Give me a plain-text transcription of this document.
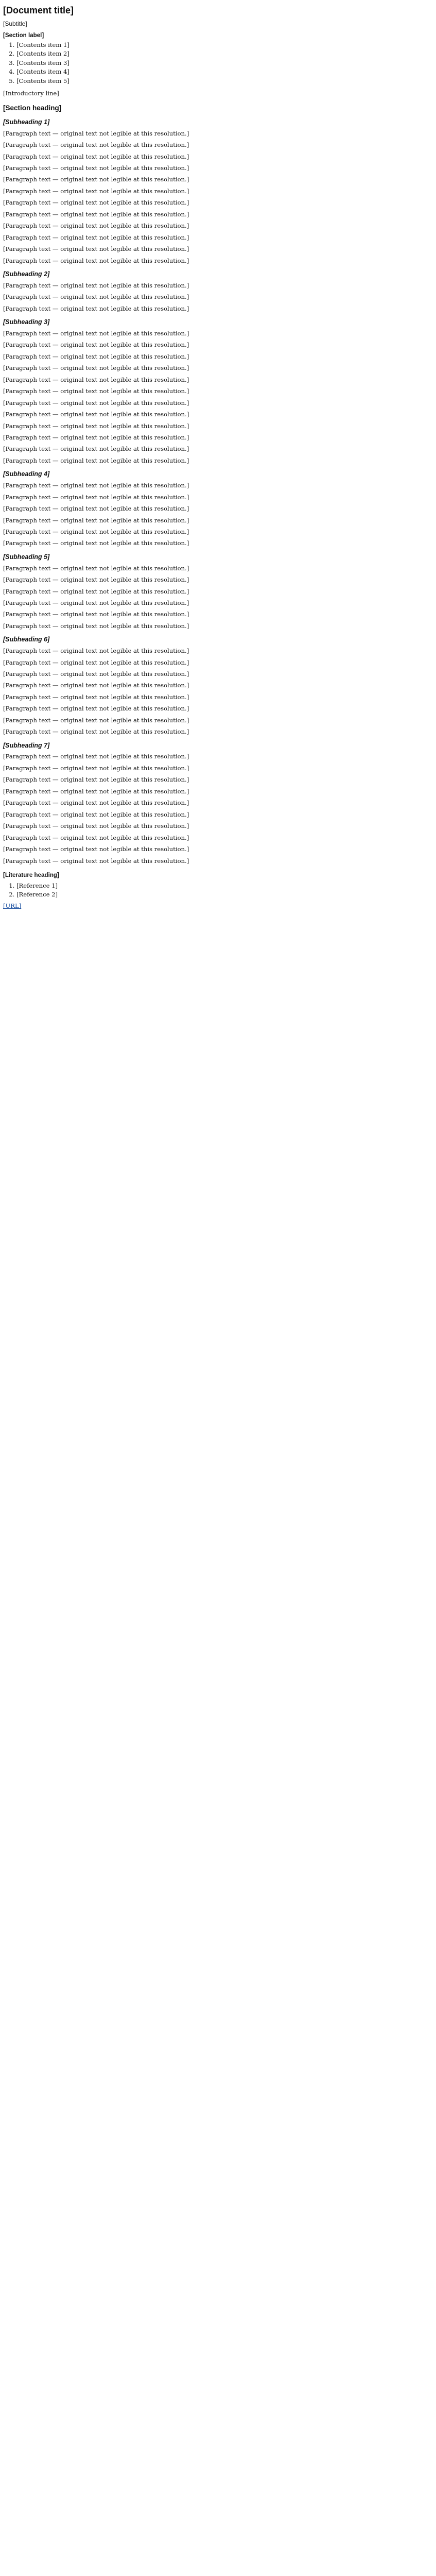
[Document title]
[Subtitle]
[Section label]
1. [Contents item 1]
2. [Contents item 2]
3. [Contents item 3]
4. [Contents item 4]
5. [Contents item 5]

[Introductory line]

[Section heading]
[Subheading 1]

[Paragraph text — original text not legible at this resolution.]

[Paragraph text — original text not legible at this resolution.]

[Paragraph text — original text not legible at this resolution.]

[Paragraph text — original text not legible at this resolution.]

[Paragraph text — original text not legible at this resolution.]

[Paragraph text — original text not legible at this resolution.]

[Paragraph text — original text not legible at this resolution.]

[Paragraph text — original text not legible at this resolution.]

[Paragraph text — original text not legible at this resolution.]

[Paragraph text — original text not legible at this resolution.]

[Paragraph text — original text not legible at this resolution.]

[Paragraph text — original text not legible at this resolution.]

[Subheading 2]

[Paragraph text — original text not legible at this resolution.]

[Paragraph text — original text not legible at this resolution.]

[Paragraph text — original text not legible at this resolution.]

[Subheading 3]

[Paragraph text — original text not legible at this resolution.]

[Paragraph text — original text not legible at this resolution.]

[Paragraph text — original text not legible at this resolution.]

[Paragraph text — original text not legible at this resolution.]

[Paragraph text — original text not legible at this resolution.]

[Paragraph text — original text not legible at this resolution.]

[Paragraph text — original text not legible at this resolution.]

[Paragraph text — original text not legible at this resolution.]

[Paragraph text — original text not legible at this resolution.]

[Paragraph text — original text not legible at this resolution.]

[Paragraph text — original text not legible at this resolution.]

[Paragraph text — original text not legible at this resolution.]

[Subheading 4]

[Paragraph text — original text not legible at this resolution.]

[Paragraph text — original text not legible at this resolution.]

[Paragraph text — original text not legible at this resolution.]

[Paragraph text — original text not legible at this resolution.]

[Paragraph text — original text not legible at this resolution.]

[Paragraph text — original text not legible at this resolution.]

[Subheading 5]

[Paragraph text — original text not legible at this resolution.]

[Paragraph text — original text not legible at this resolution.]

[Paragraph text — original text not legible at this resolution.]

[Paragraph text — original text not legible at this resolution.]

[Paragraph text — original text not legible at this resolution.]

[Paragraph text — original text not legible at this resolution.]

[Subheading 6]

[Paragraph text — original text not legible at this resolution.]

[Paragraph text — original text not legible at this resolution.]

[Paragraph text — original text not legible at this resolution.]

[Paragraph text — original text not legible at this resolution.]

[Paragraph text — original text not legible at this resolution.]

[Paragraph text — original text not legible at this resolution.]

[Paragraph text — original text not legible at this resolution.]

[Paragraph text — original text not legible at this resolution.]

[Subheading 7]

[Paragraph text — original text not legible at this resolution.]

[Paragraph text — original text not legible at this resolution.]

[Paragraph text — original text not legible at this resolution.]

[Paragraph text — original text not legible at this resolution.]

[Paragraph text — original text not legible at this resolution.]

[Paragraph text — original text not legible at this resolution.]

[Paragraph text — original text not legible at this resolution.]

[Paragraph text — original text not legible at this resolution.]

[Paragraph text — original text not legible at this resolution.]

[Paragraph text — original text not legible at this resolution.]

[Literature heading]
1. [Reference 1]
2. [Reference 2]
[URL]
